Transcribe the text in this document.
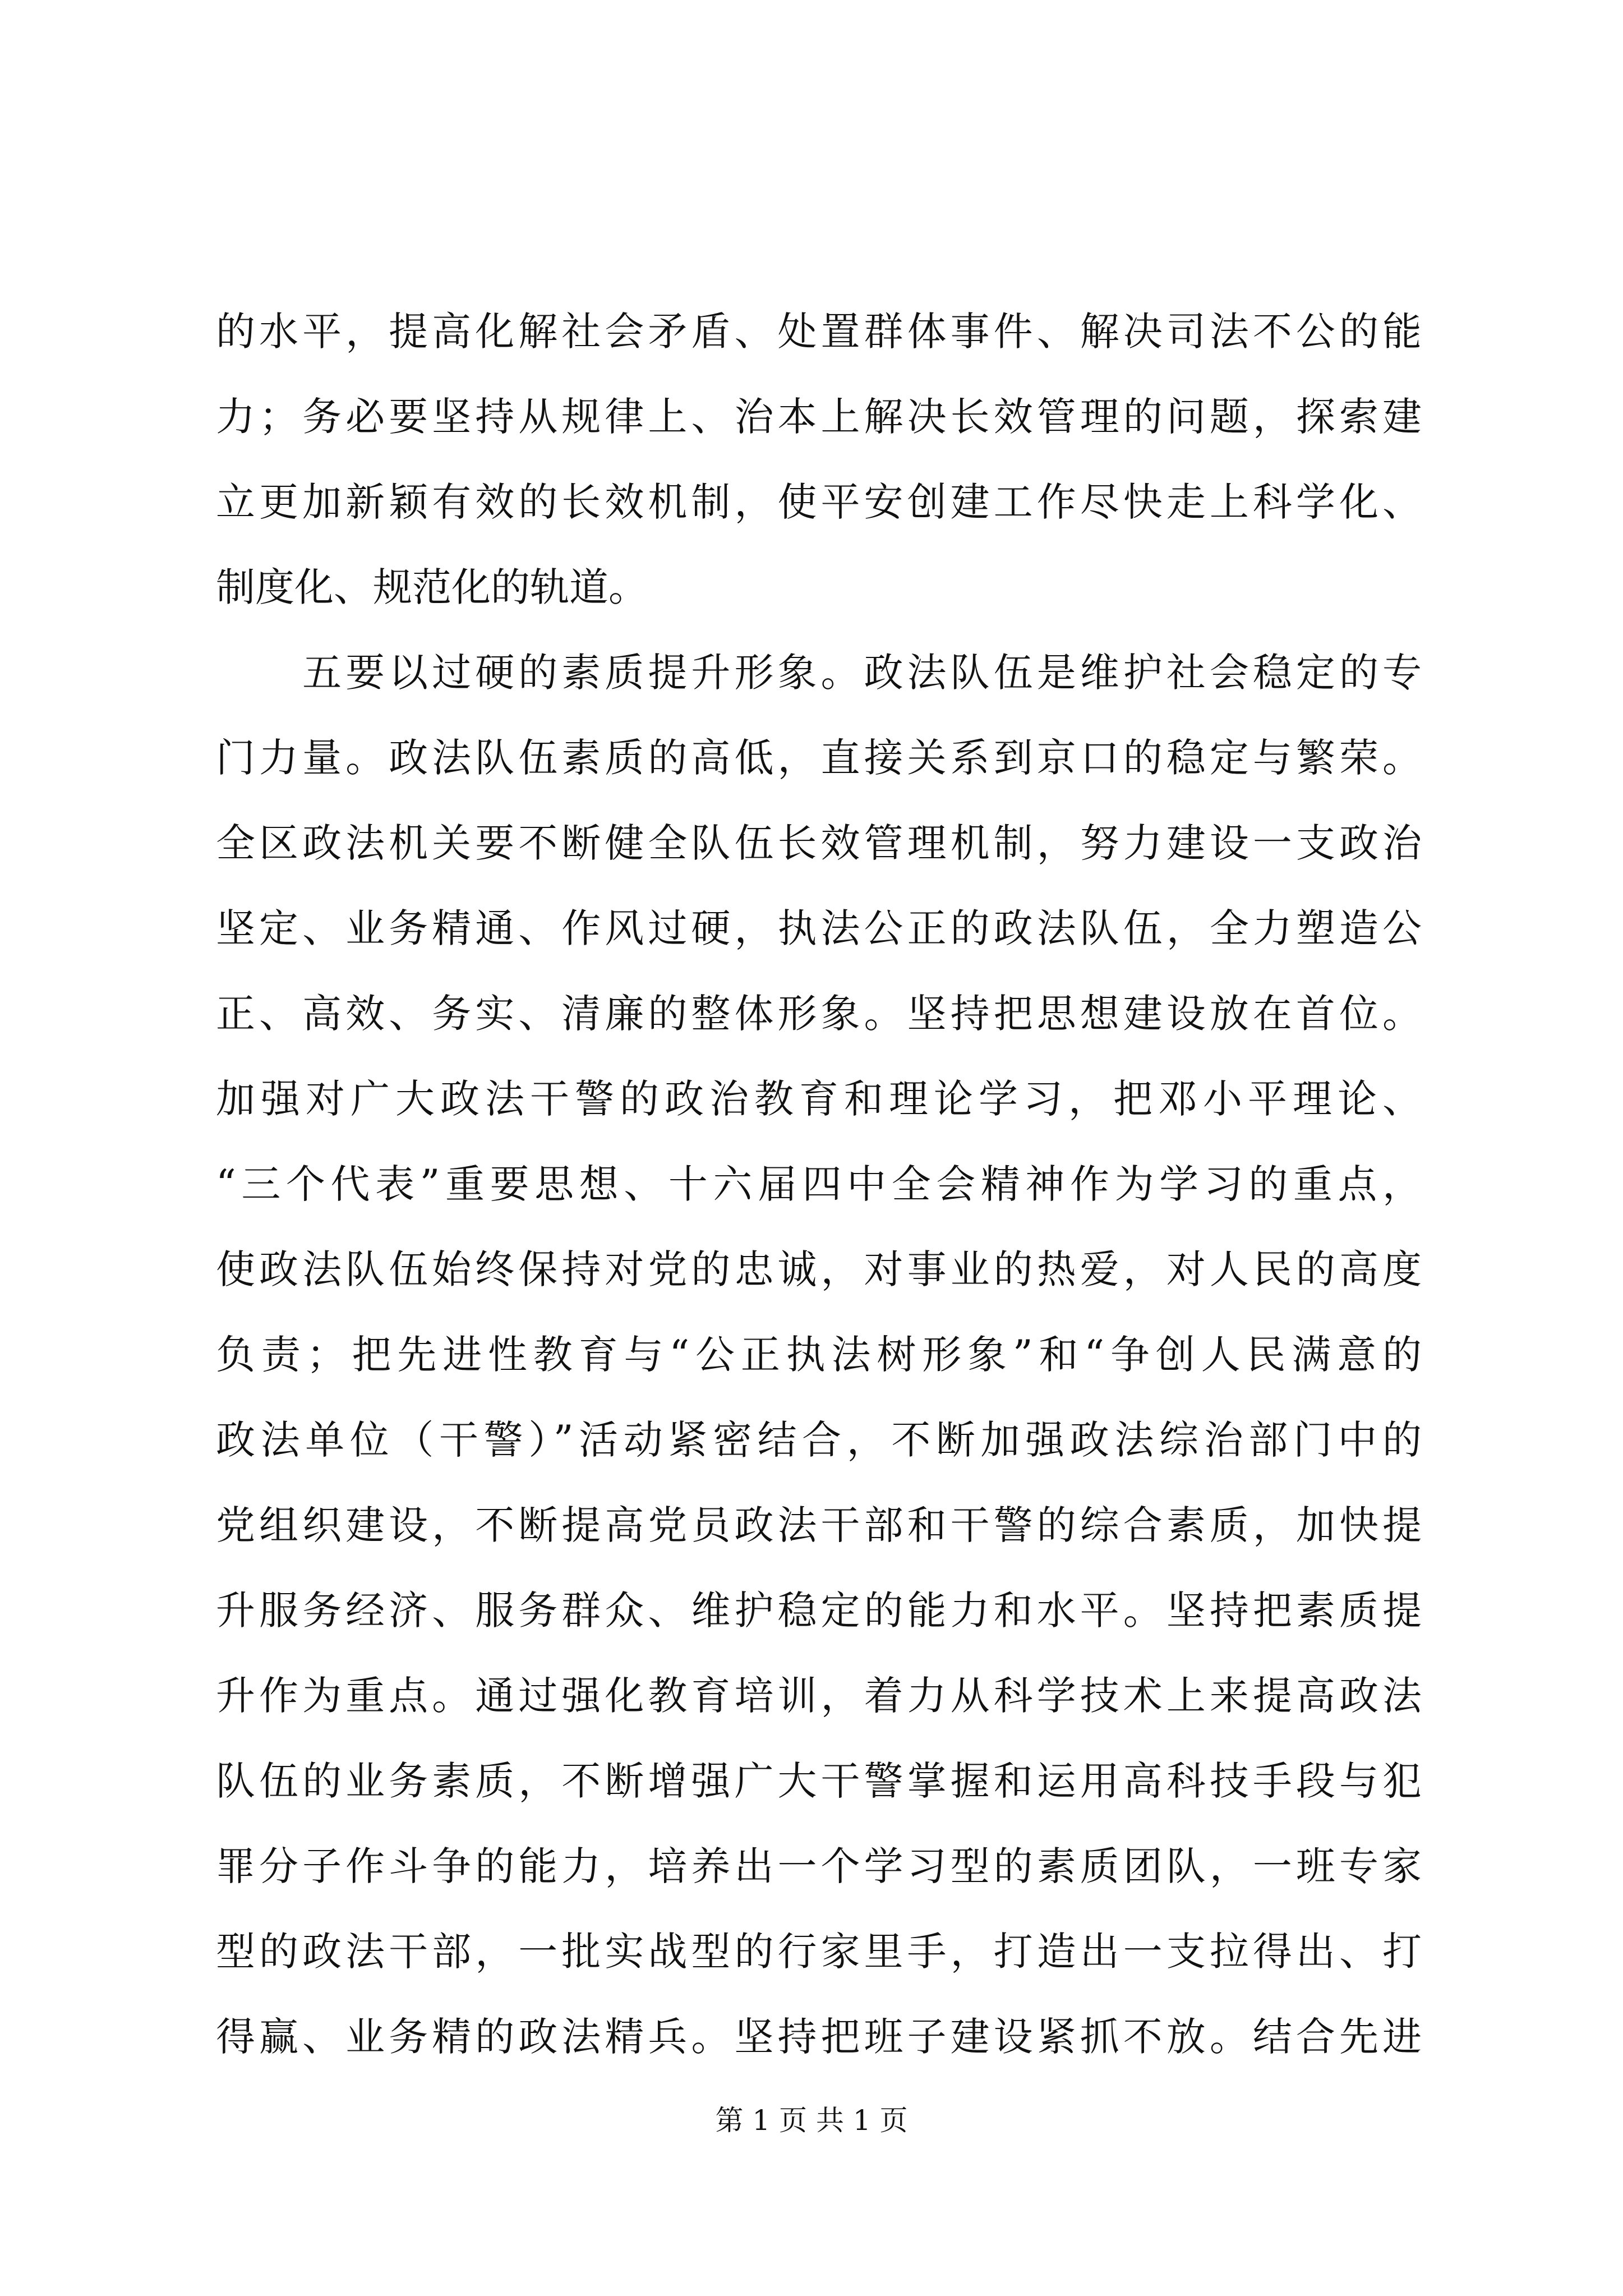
的水平，提高化解社会矛盾、处置群体事件、解决司法不公的能
力；务必要坚持从规律上、治本上解决长效管理的问题，探索建
立更加新颖有效的长效机制，使平安创建工作尽快走上科学化、
制度化、规范化的轨道。
　　五要以过硬的素质提升形象。政法队伍是维护社会稳定的专
门力量。政法队伍素质的高低，直接关系到京口的稳定与繁荣。
全区政法机关要不断健全队伍长效管理机制，努力建设一支政治
坚定、业务精通、作风过硬，执法公正的政法队伍，全力塑造公
正、高效、务实、清廉的整体形象。坚持把思想建设放在首位。
加强对广大政法干警的政治教育和理论学习，把邓小平理论、
“三个代表”重要思想、十六届四中全会精神作为学习的重点，
使政法队伍始终保持对党的忠诚，对事业的热爱，对人民的高度
负责；把先进性教育与“公正执法树形象”和“争创人民满意的
政法单位（干警）”活动紧密结合，不断加强政法综治部门中的
党组织建设，不断提高党员政法干部和干警的综合素质，加快提
升服务经济、服务群众、维护稳定的能力和水平。坚持把素质提
升作为重点。通过强化教育培训，着力从科学技术上来提高政法
队伍的业务素质，不断增强广大干警掌握和运用高科技手段与犯
罪分子作斗争的能力，培养出一个学习型的素质团队，一班专家
型的政法干部，一批实战型的行家里手，打造出一支拉得出、打
得赢、业务精的政法精兵。坚持把班子建设紧抓不放。结合先进
第 1 页 共 1 页
